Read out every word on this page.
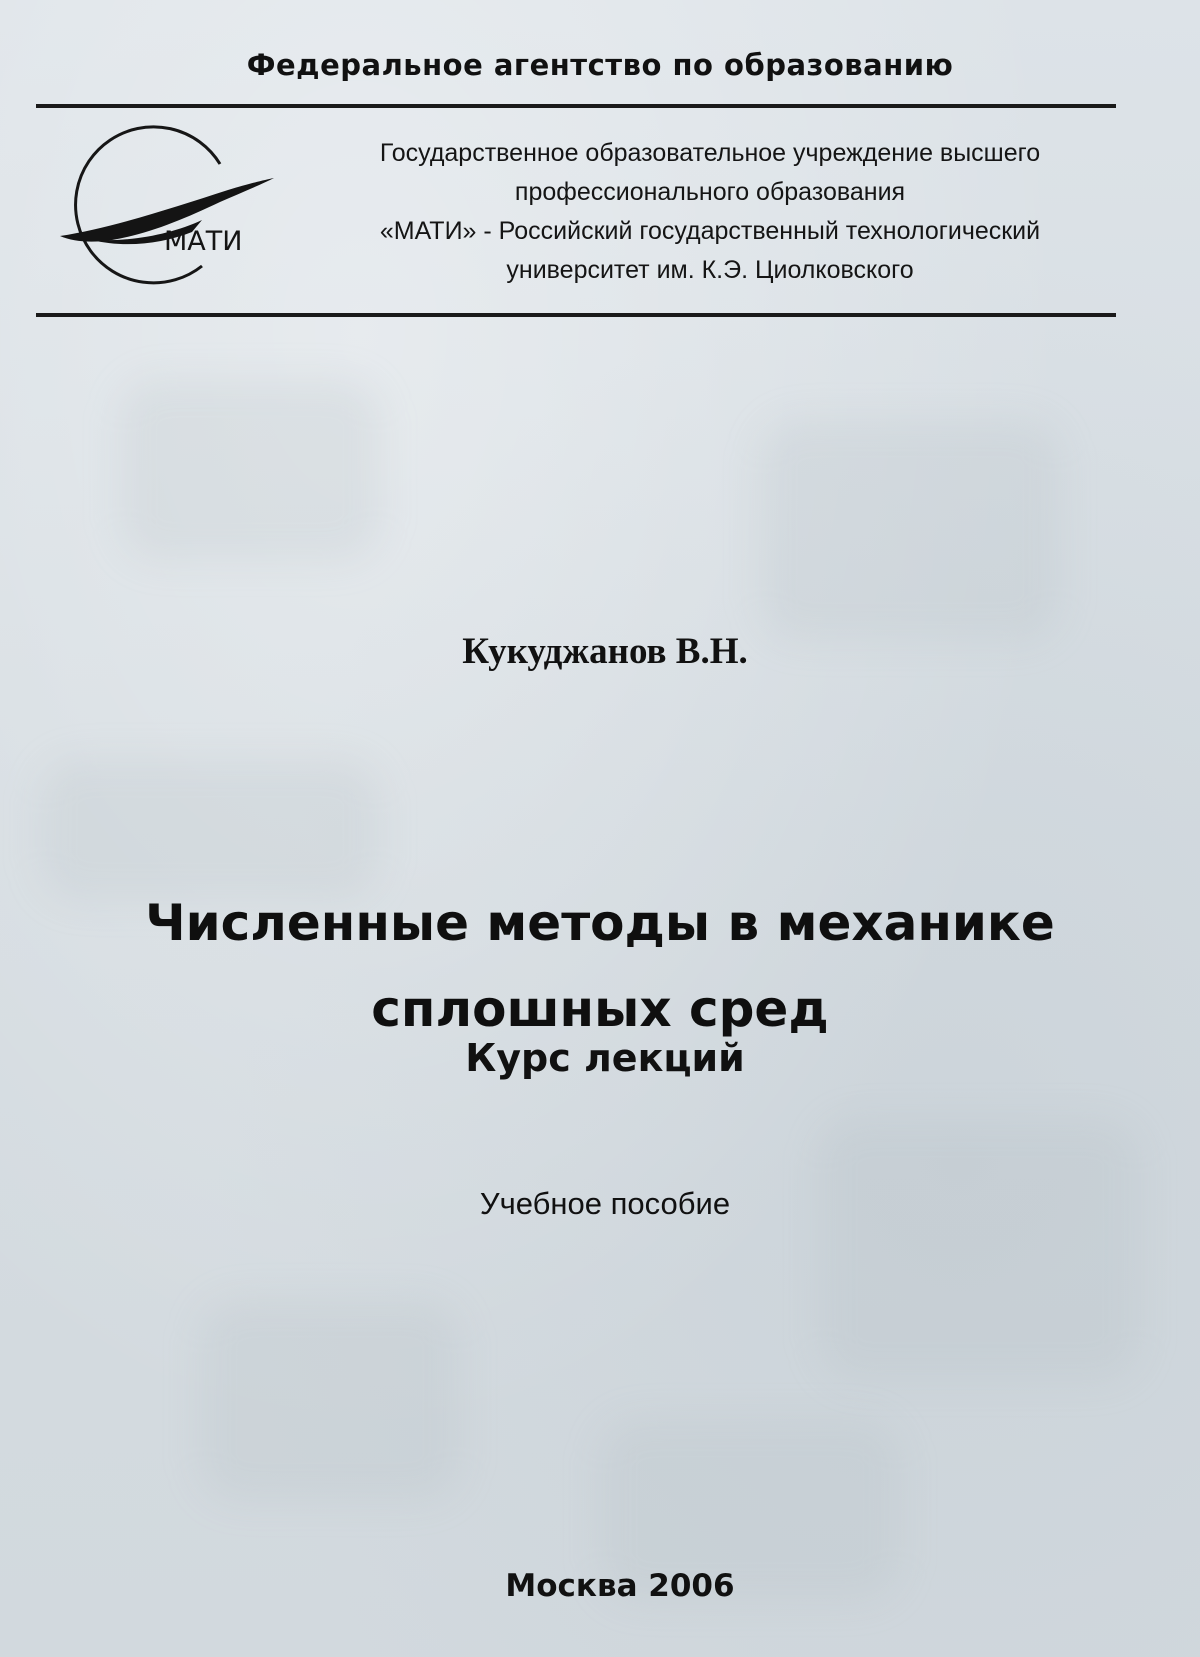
Федеральное агентство по образованию
МАТИ
Государственное образовательное учреждение высшего
профессионального образования
«МАТИ» - Российский государственный технологический
университет им. К.Э. Циолковского
Кукуджанов В.Н.
Численные методы в механике
сплошных сред
Курс лекций
Учебное пособие
Москва 2006
